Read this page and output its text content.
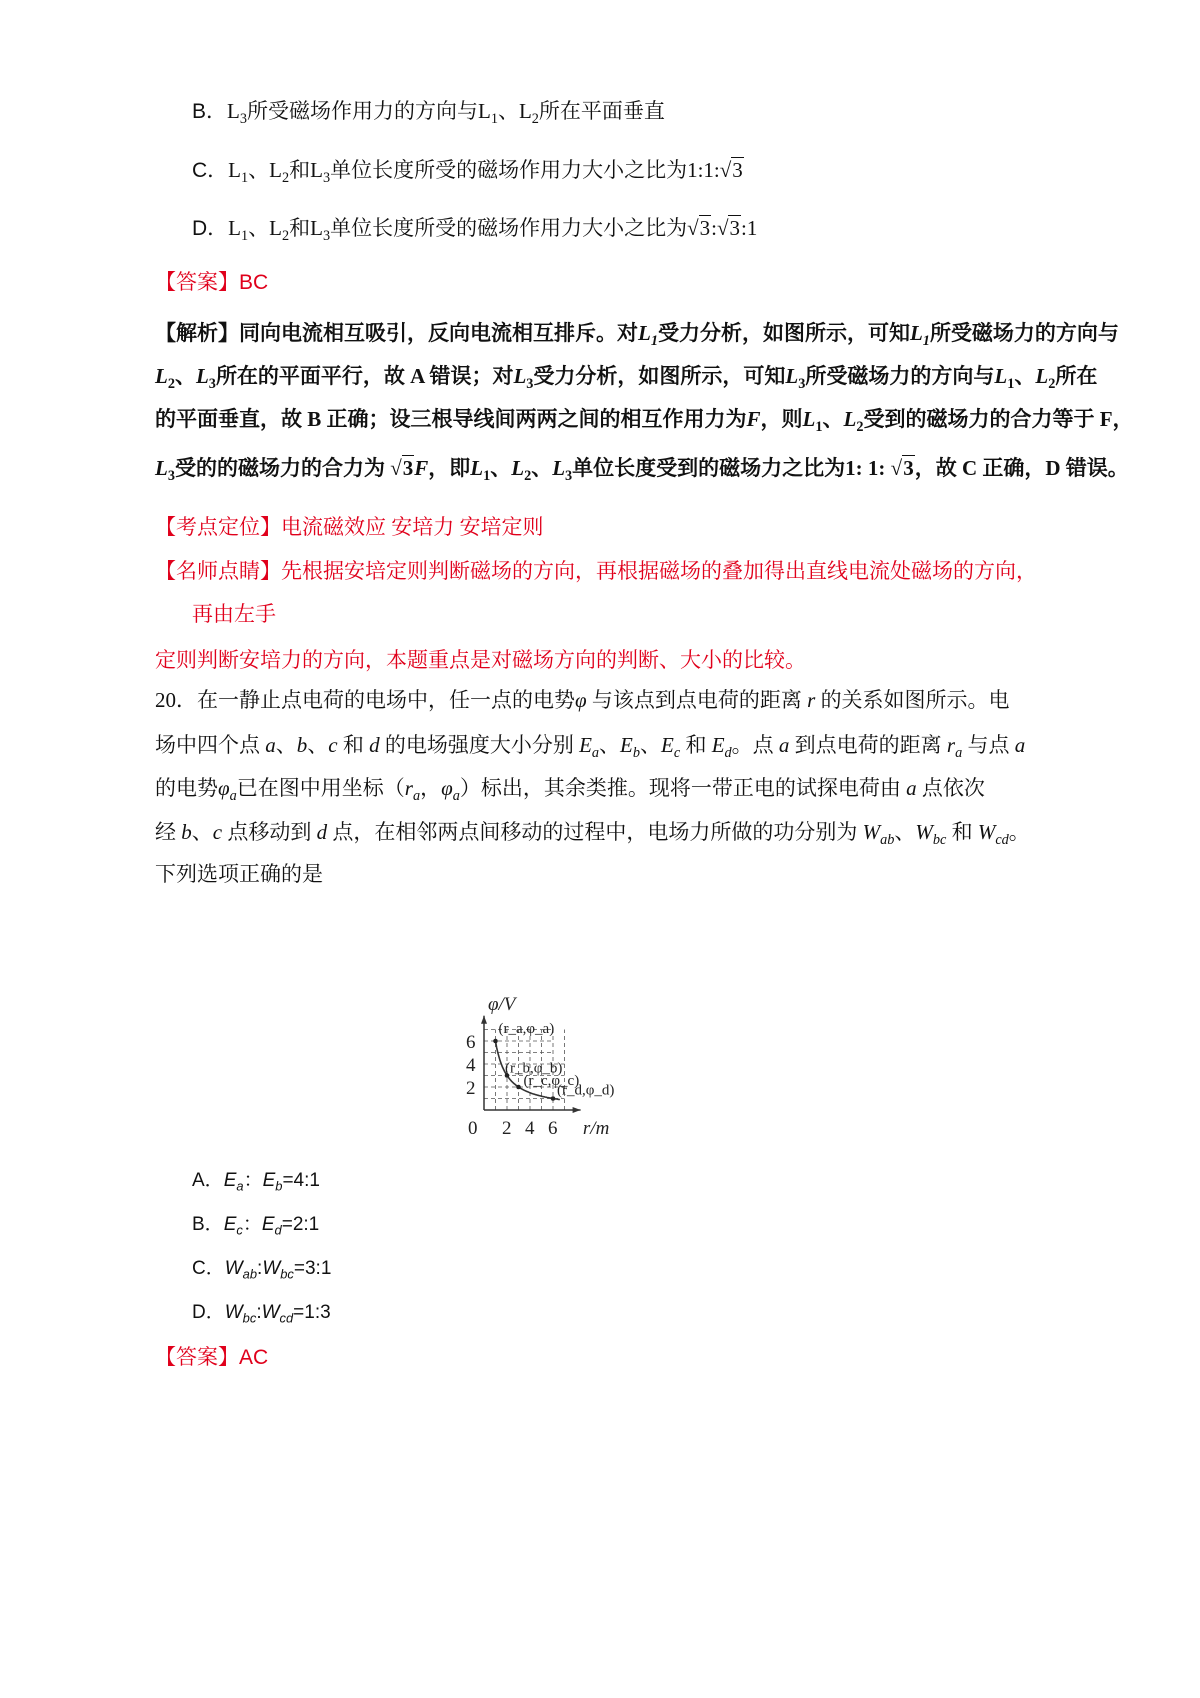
B．$L_3$所受磁场作用力的方向与$L_1$、$L_2$所在平面垂直
C．$L_1$、$L_2$和$L_3$单位长度所受的磁场作用力大小之比为1:1:√3
D．$L_1$、$L_2$和$L_3$单位长度所受的磁场作用力大小之比为√3:√3:1
【答案】BC
【解析】同向电流相互吸引，反向电流相互排斥。对$L_1$受力分析，如图所示，可知$L_1$所受磁场力的方向与
$L_2$、$L_3$所在的平面平行，故 A 错误；对$L_3$受力分析，如图所示，可知$L_3$所受磁场力的方向与$L_1$、$L_2$所在
的平面垂直，故 B 正确；设三根导线间两两之间的相互作用力为F，则$L_1$、$L_2$受到的磁场力的合力等于 F，
$L_3$受的的磁场力的合力为 √3F，即$L_1$、$L_2$、$L_3$单位长度受到的磁场力之比为1: 1: √3，故 C 正确，D 错误。
【考点定位】电流磁效应 安培力 安培定则
【名师点睛】先根据安培定则判断磁场的方向，再根据磁场的叠加得出直线电流处磁场的方向，
再由左手
定则判断安培力的方向，本题重点是对磁场方向的判断、大小的比较。
20．在一静止点电荷的电场中，任一点的电势φ 与该点到点电荷的距离 r 的关系如图所示。电
场中四个点 a、b、c 和 d 的电场强度大小分别 $E_a$、$E_b$、$E_c$ 和 $E_d$。点 a 到点电荷的距离 $r_a$ 与点 a
的电势$\varphi_a$已在图中用坐标（$r_a$，$\varphi_a$）标出，其余类推。现将一带正电的试探电荷由 a 点依次
经 b、c 点移动到 d 点，在相邻两点间移动的过程中，电场力所做的功分别为 $W_{ab}$、$W_{bc}$ 和 $W_{cd}$。
下列选项正确的是
0 2 4 6
2
4
6
(r_a,φ_a)
(r_b,φ_b)
(r_c,φ_c)
(r_d,φ_d)
φ/V
r/m
A．$E_a$：$E_b=4:1$
B．$E_c$：$E_d=2:1$
C．$W_{ab}:W_{bc}=3:1$
D．$W_{bc}:W_{cd}=1:3$
【答案】AC
